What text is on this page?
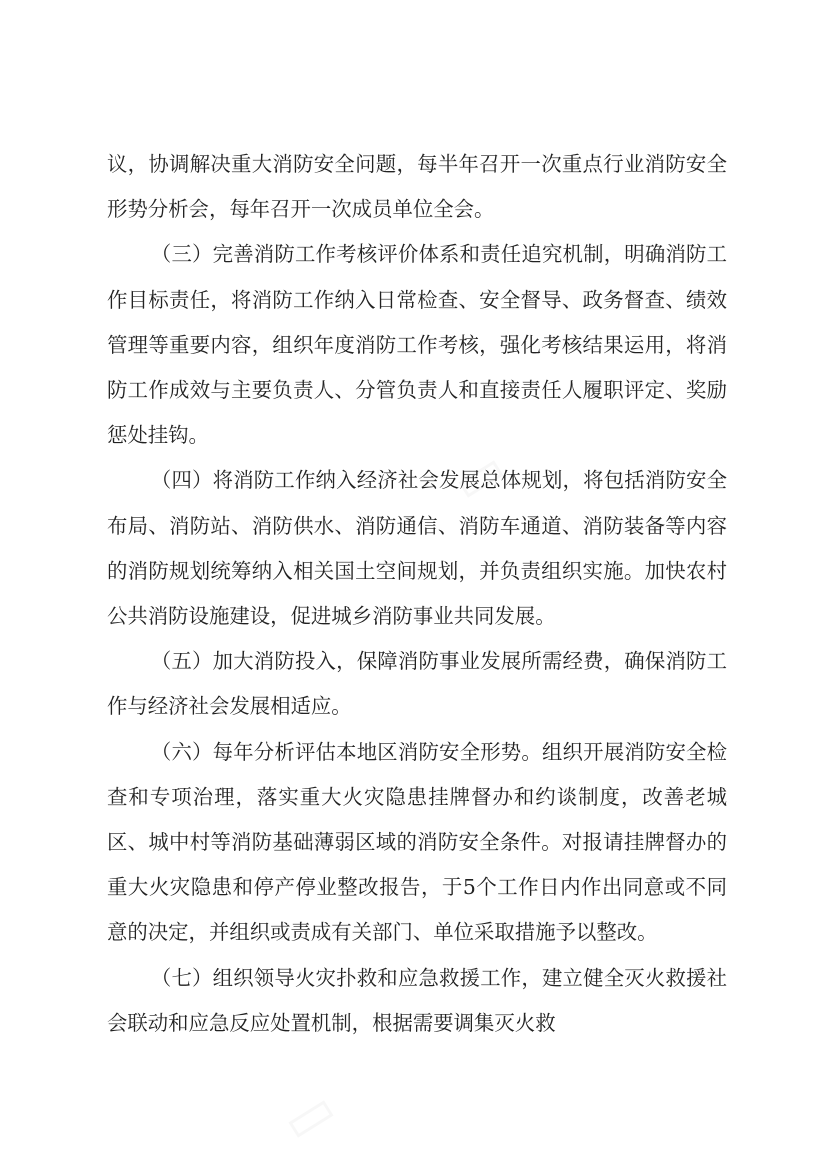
议，协调解决重大消防安全问题，每半年召开一次重点行业消防安全形势分析会，每年召开一次成员单位全会。

（三）完善消防工作考核评价体系和责任追究机制，明确消防工作目标责任，将消防工作纳入日常检查、安全督导、政务督查、绩效管理等重要内容，组织年度消防工作考核，强化考核结果运用，将消防工作成效与主要负责人、分管负责人和直接责任人履职评定、奖励惩处挂钩。

（四）将消防工作纳入经济社会发展总体规划，将包括消防安全布局、消防站、消防供水、消防通信、消防车通道、消防装备等内容的消防规划统筹纳入相关国土空间规划，并负责组织实施。加快农村公共消防设施建设，促进城乡消防事业共同发展。

（五）加大消防投入，保障消防事业发展所需经费，确保消防工作与经济社会发展相适应。

（六）每年分析评估本地区消防安全形势。组织开展消防安全检查和专项治理，落实重大火灾隐患挂牌督办和约谈制度，改善老城区、城中村等消防基础薄弱区域的消防安全条件。对报请挂牌督办的重大火灾隐患和停产停业整改报告，于5个工作日内作出同意或不同意的决定，并组织或责成有关部门、单位采取措施予以整改。

（七）组织领导火灾扑救和应急救援工作，建立健全灭火救援社会联动和应急反应处置机制，根据需要调集灭火救
